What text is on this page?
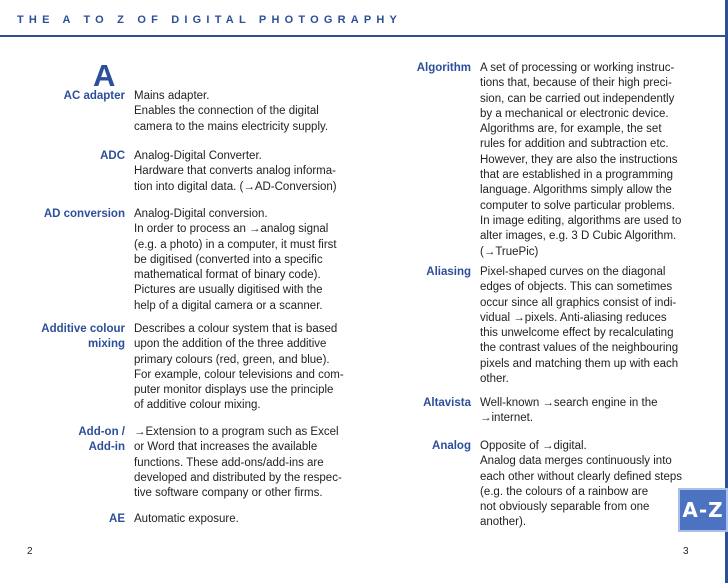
THE A TO Z OF DIGITAL PHOTOGRAPHY
A
AC adapter Mains adapter.
Enables the connection of the digital
camera to the mains electricity supply.
ADC Analog-Digital Converter.
Hardware that converts analog informa-
tion into digital data. (→AD-Conversion)
AD conversion Analog-Digital conversion.
In order to process an →analog signal
(e.g. a photo) in a computer, it must first
be digitised (converted into a specific
mathematical format of binary code).
Pictures are usually digitised with the
help of a digital camera or a scanner.
Additive colour
mixing
Describes a colour system that is based
upon the addition of the three additive
primary colours (red, green, and blue).
For example, colour televisions and com-
puter monitor displays use the principle
of additive colour mixing.
Add-on /
Add-in
→Extension to a program such as Excel
or Word that increases the available
functions. These add-ons/add-ins are
developed and distributed by the respec-
tive software company or other firms.
AE Automatic exposure.
Algorithm A set of processing or working instruc-
tions that, because of their high preci-
sion, can be carried out independently
by a mechanical or electronic device.
Algorithms are, for example, the set
rules for addition and subtraction etc.
However, they are also the instructions
that are established in a programming
language. Algorithms simply allow the
computer to solve particular problems.
In image editing, algorithms are used to
alter images, e.g. 3 D Cubic Algorithm.
(→TruePic)
Aliasing Pixel-shaped curves on the diagonal
edges of objects. This can sometimes
occur since all graphics consist of indi-
vidual →pixels. Anti-aliasing reduces
this unwelcome effect by recalculating
the contrast values of the neighbouring
pixels and matching them up with each
other.
Altavista Well-known →search engine in the
→internet.
Analog Opposite of →digital.
Analog data merges continuously into
each other without clearly defined steps
(e.g. the colours of a rainbow are
not obviously separable from one
another).
A-Z
2	3
